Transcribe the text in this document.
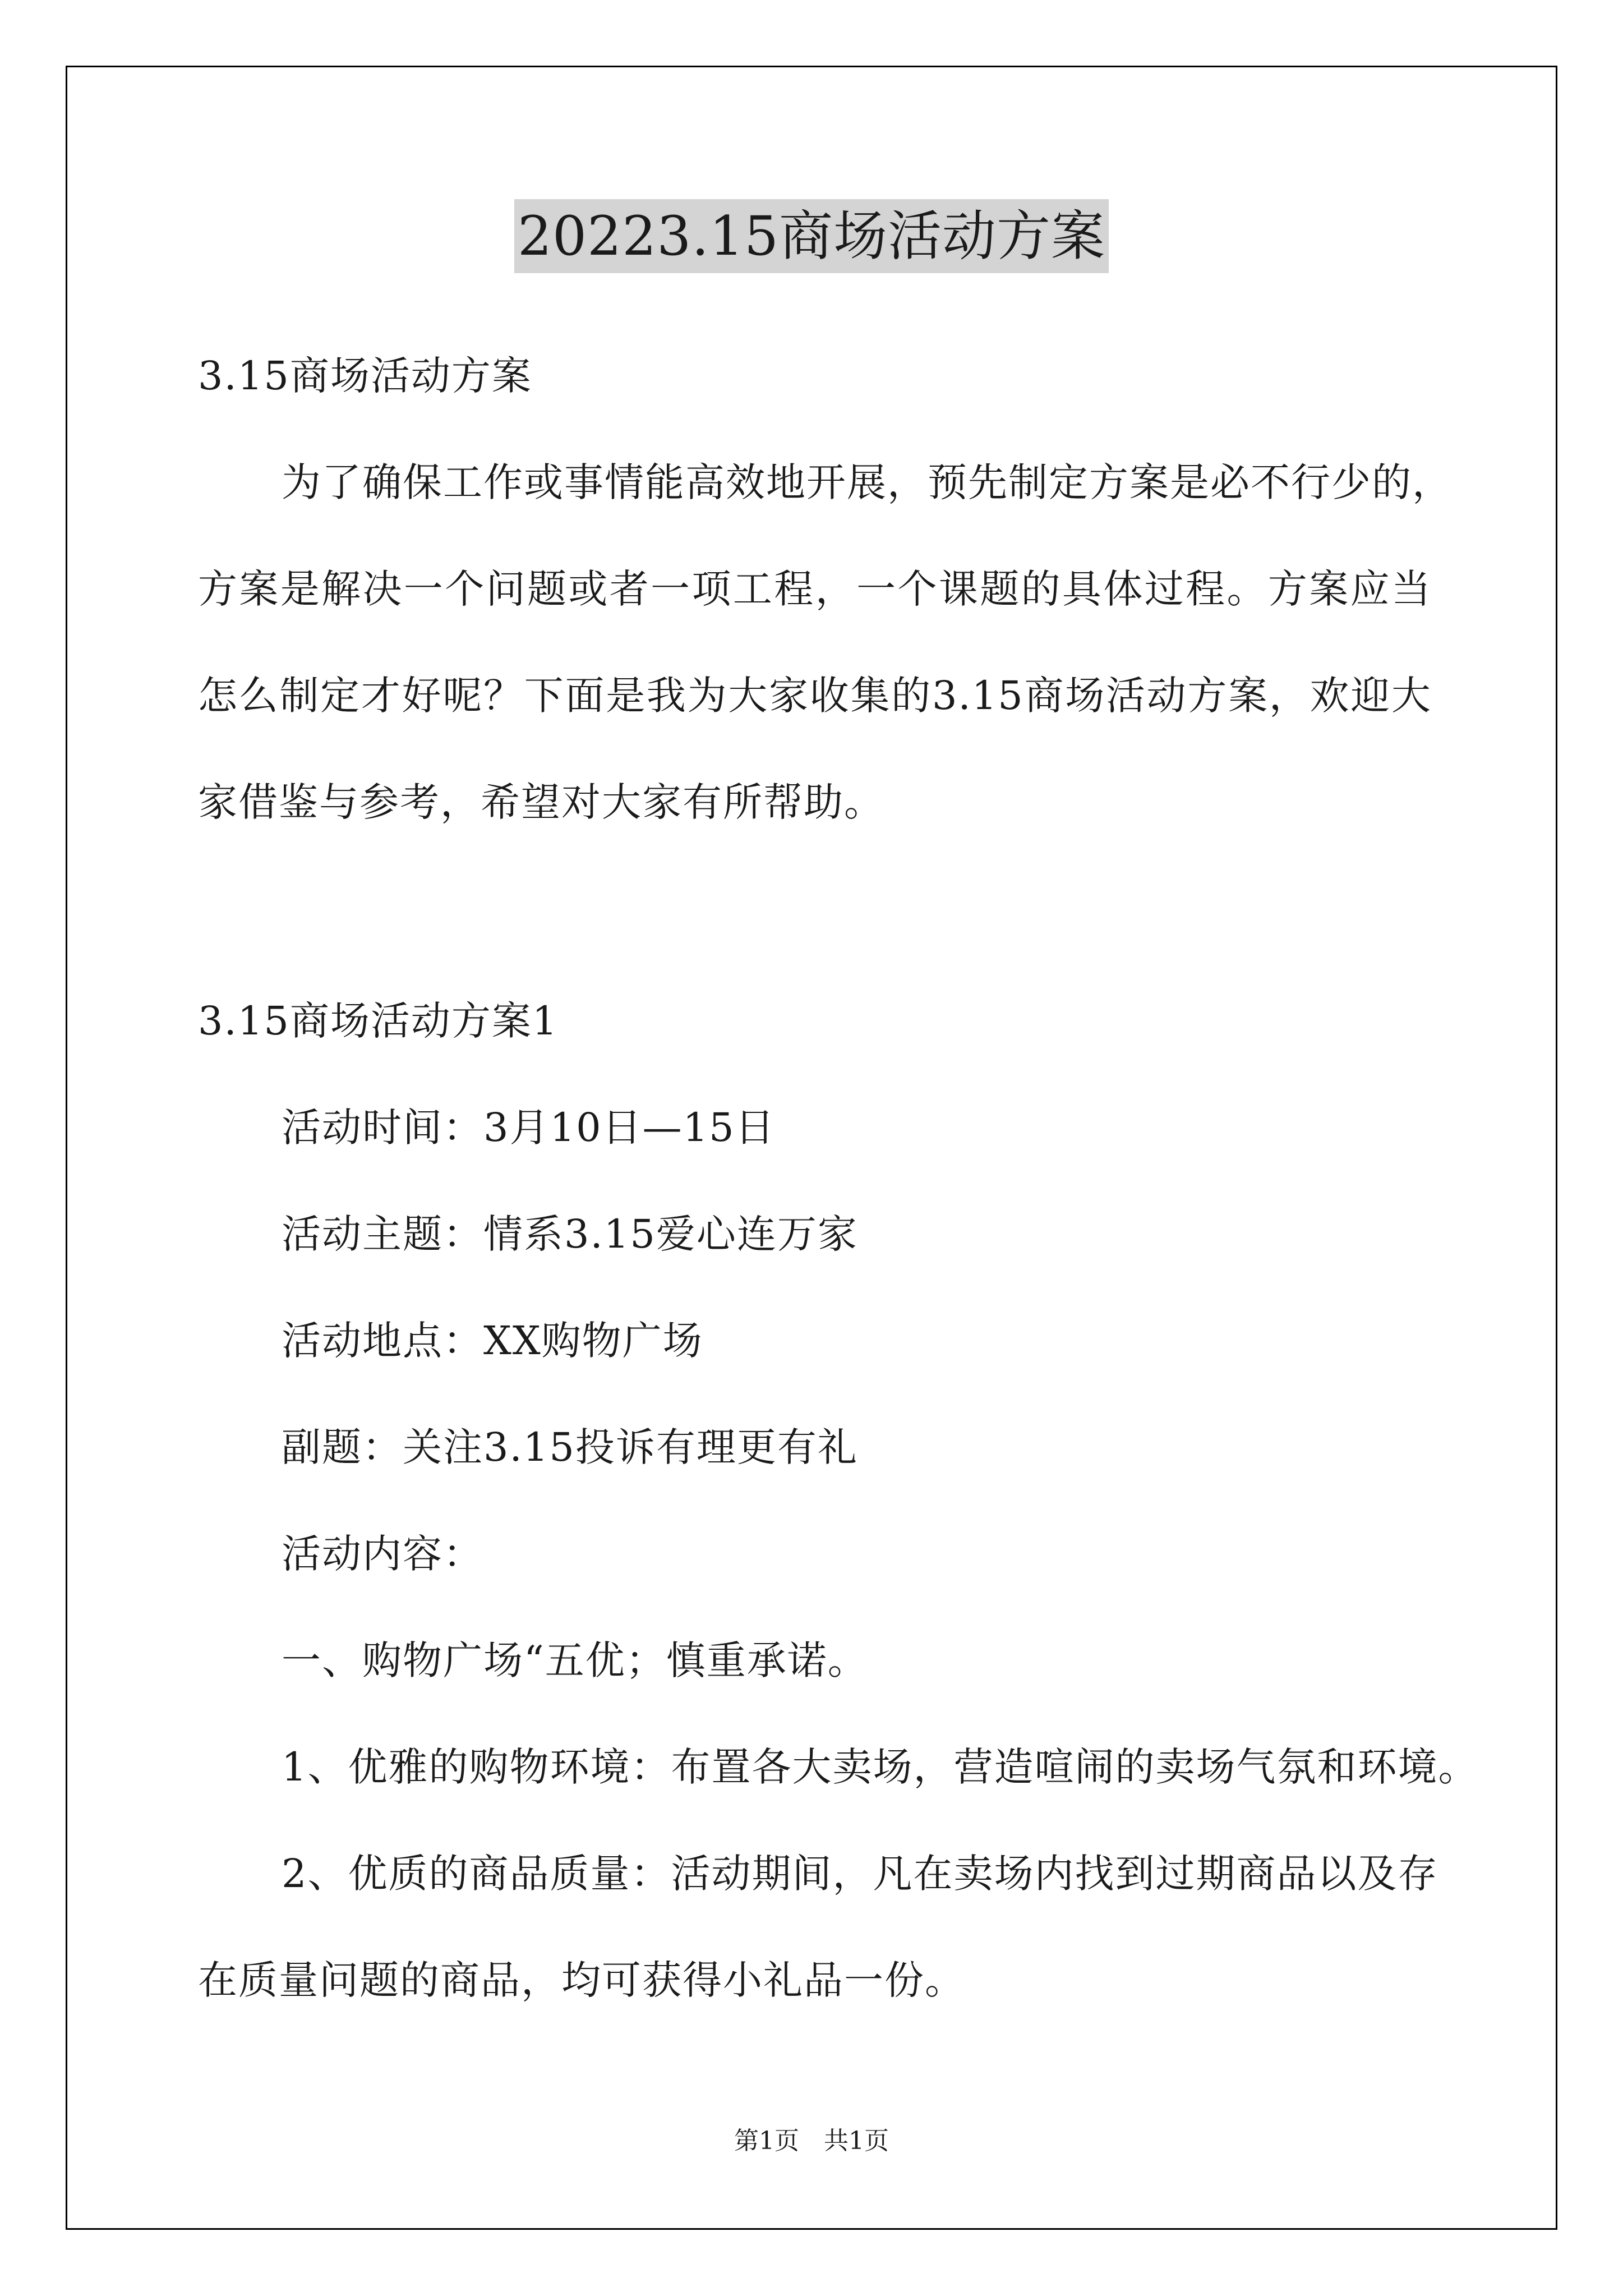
20223.15商场活动方案
3.15商场活动方案
为了确保工作或事情能高效地开展，预先制定方案是必不行少的，
方案是解决一个问题或者一项工程，一个课题的具体过程。方案应当
怎么制定才好呢？下面是我为大家收集的3.15商场活动方案，欢迎大
家借鉴与参考，希望对大家有所帮助。
3.15商场活动方案1
活动时间：3月10日—15日
活动主题：情系3.15爱心连万家
活动地点：XX购物广场
副题：关注3.15投诉有理更有礼
活动内容：
一、购物广场“五优；慎重承诺。
1、优雅的购物环境：布置各大卖场，营造喧闹的卖场气氛和环境。
2、优质的商品质量：活动期间，凡在卖场内找到过期商品以及存
在质量问题的商品，均可获得小礼品一份。
第1页　共1页
